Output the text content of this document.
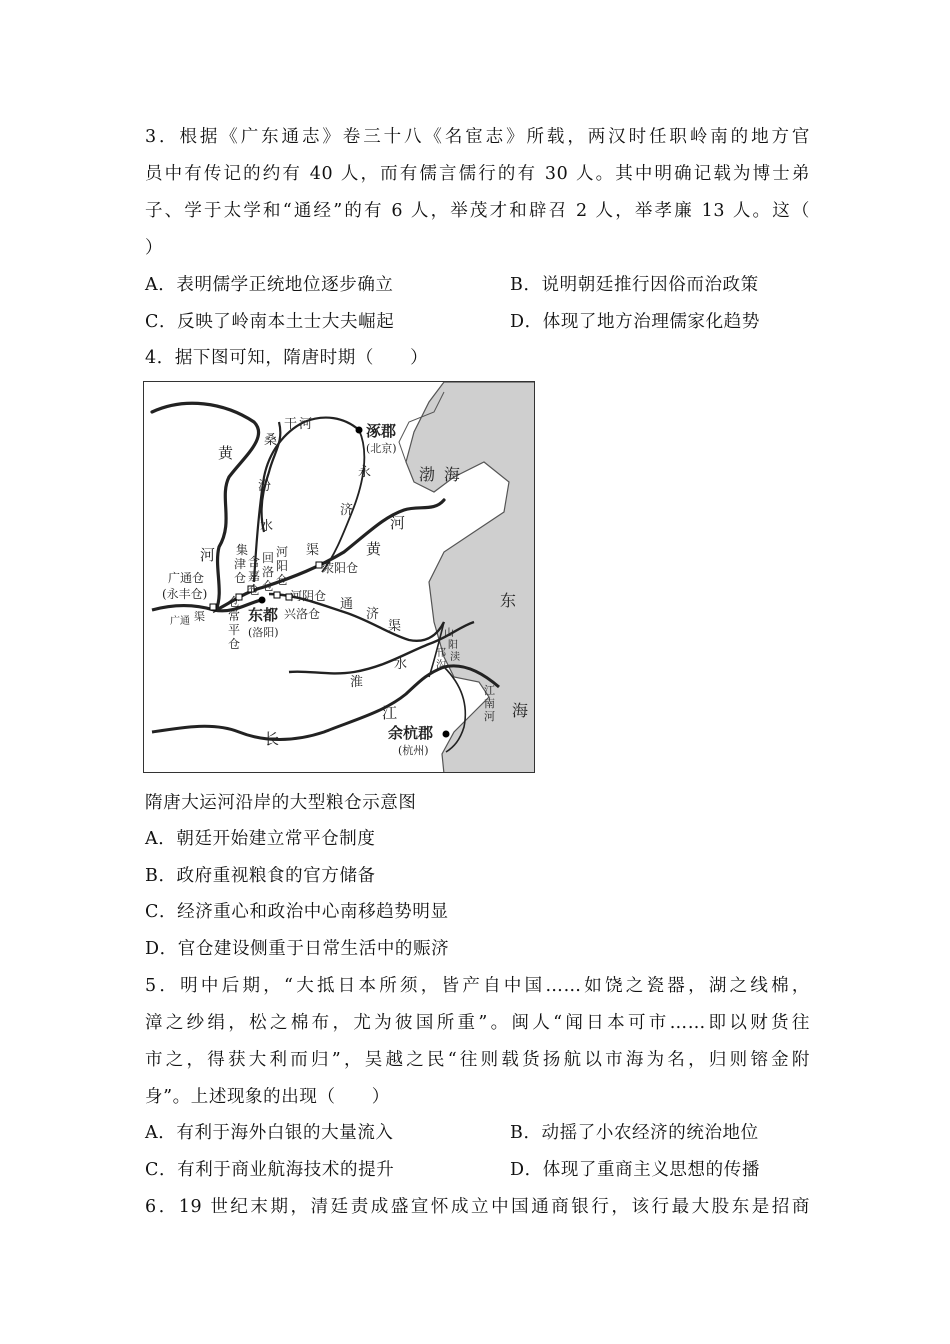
3．根据《广东通志》卷三十八《名宦志》所载，两汉时任职岭南的地方官
员中有传记的约有 40 人，而有儒言儒行的有 30 人。其中明确记载为博士弟
子、学于太学和“通经”的有 6 人，举茂才和辟召 2 人，举孝廉 13 人。这（
）
A．表明儒学正统地位逐步确立	B．说明朝廷推行因俗而治政策
C．反映了岭南本土士大夫崛起	D．体现了地方治理儒家化趋势
4．据下图可知，隋唐时期（　　）
涿郡
(北京)
渤 海
干 河
桑
黄
汾
水
河
永
济
渠
河
黄
东
海
河
阳
仓
回
洛
仓
含
嘉
仓
集
津
仓
仓
兴洛仓
河阴仓
荥阳仓
广通仓
(永丰仓)
广通 渠 常
平
仓
东都
(洛阳)
通
济
渠
淮
水
山
阳
渎
邗
沟
江
南
河
江
长	余杭郡
(杭州)
隋唐大运河沿岸的大型粮仓示意图
A．朝廷开始建立常平仓制度
B．政府重视粮食的官方储备
C．经济重心和政治中心南移趋势明显
D．官仓建设侧重于日常生活中的赈济
5．明中后期，“大抵日本所须，皆产自中国……如饶之瓷器，湖之线棉，
漳之纱绢，松之棉布，尤为彼国所重”。闽人“闻日本可市……即以财货往
市之，得获大利而归”，吴越之民“往则载货扬航以市海为名，归则镕金附
身”。上述现象的出现（　　）
A．有利于海外白银的大量流入	B．动摇了小农经济的统治地位
C．有利于商业航海技术的提升	D．体现了重商主义思想的传播
6．19 世纪末期，清廷责成盛宣怀成立中国通商银行，该行最大股东是招商
